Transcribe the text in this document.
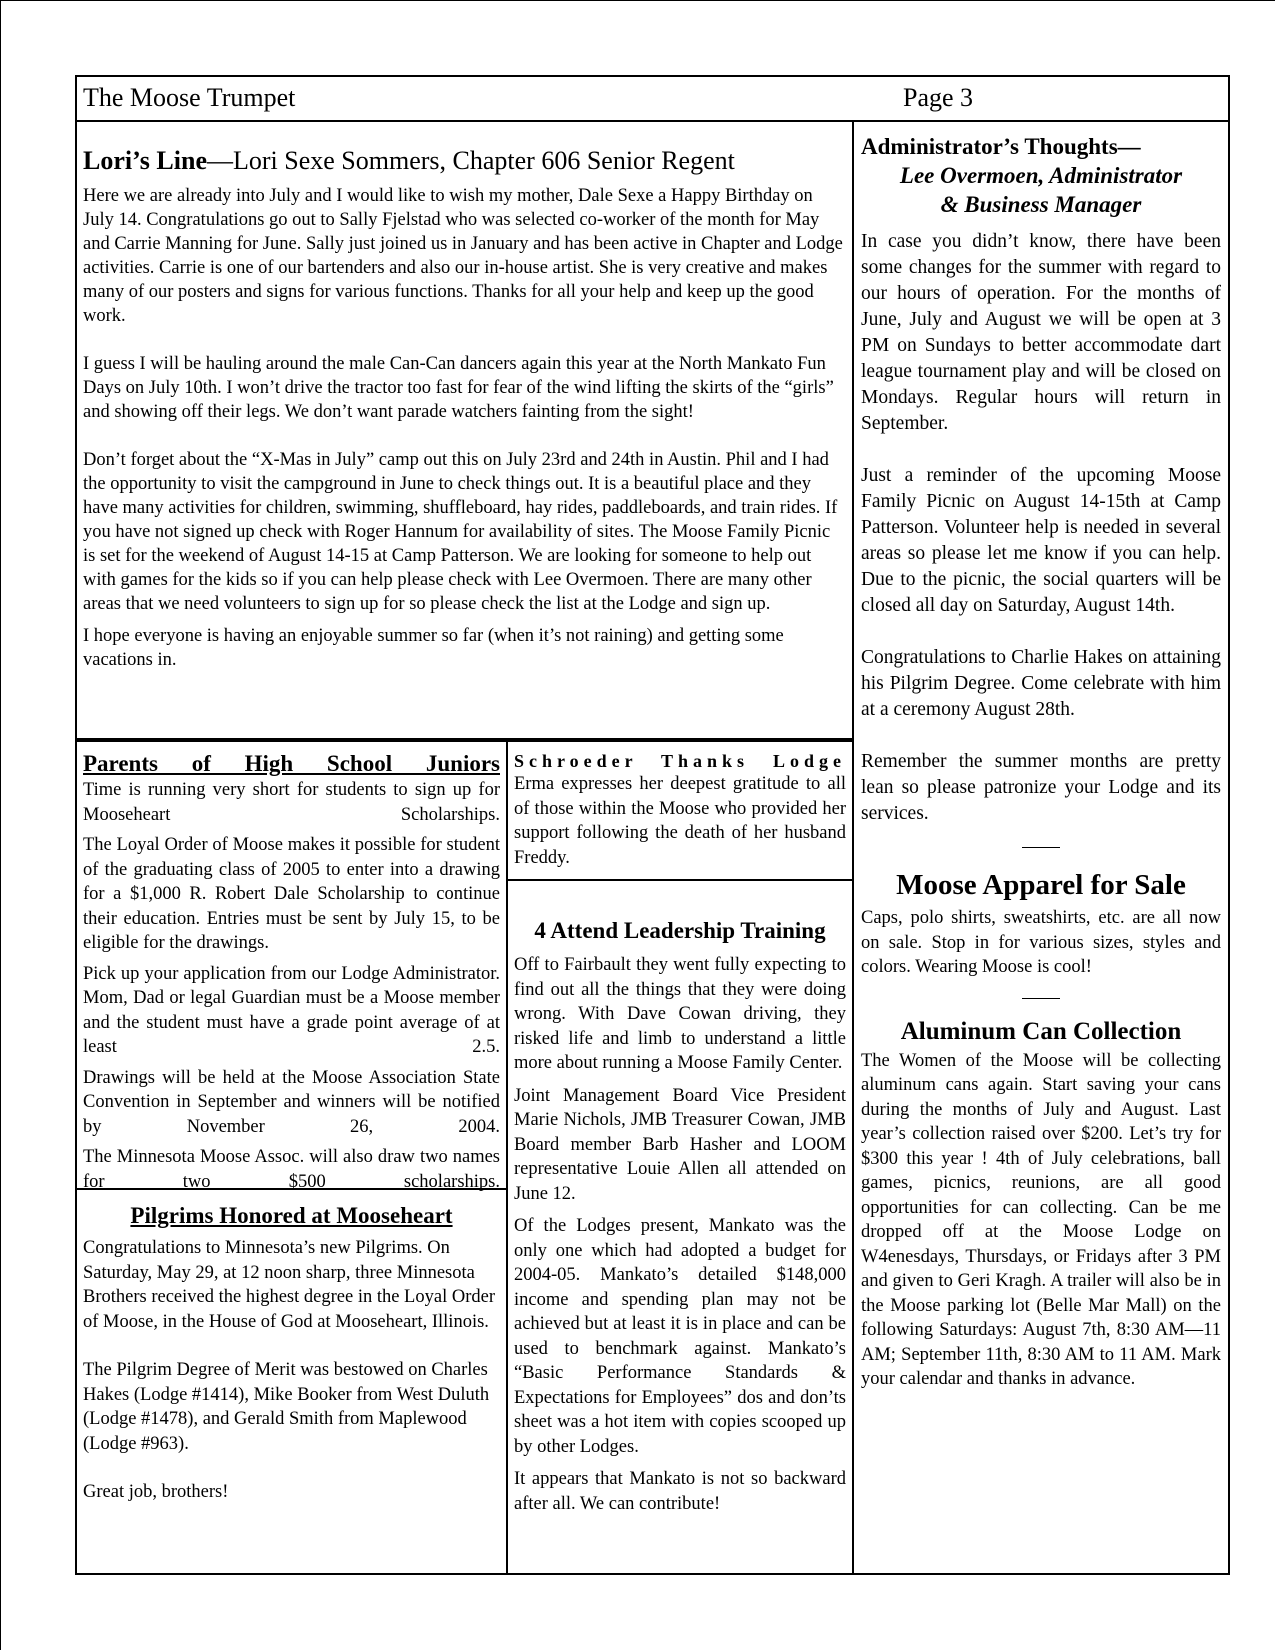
The Moose Trumpet	Page 3
Lori’s Line—Lori Sexe Sommers, Chapter 606 Senior Regent

Here we are already into July and I would like to wish my mother, Dale Sexe a Happy Birthday on July 14. Congratulations go out to Sally Fjelstad who was selected co-worker of the month for May and Carrie Manning for June. Sally just joined us in January and has been active in Chapter and Lodge activities. Carrie is one of our bartenders and also our in-house artist. She is very creative and makes many of our posters and signs for various functions. Thanks for all your help and keep up the good work.

I guess I will be hauling around the male Can-Can dancers again this year at the North Mankato Fun Days on July 10th. I won’t drive the tractor too fast for fear of the wind lifting the skirts of the “girls” and showing off their legs. We don’t want parade watchers fainting from the sight!

Don’t forget about the “X-Mas in July” camp out this on July 23rd and 24th in Austin. Phil and I had the opportunity to visit the campground in June to check things out. It is a beautiful place and they have many activities for children, swimming, shuffleboard, hay rides, paddleboards, and train rides. If you have not signed up check with Roger Hannum for availability of sites. The Moose Family Picnic is set for the weekend of August 14-15 at Camp Patterson. We are looking for someone to help out with games for the kids so if you can help please check with Lee Overmoen. There are many other areas that we need volunteers to sign up for so please check the list at the Lodge and sign up.

I hope everyone is having an enjoyable summer so far (when it’s not raining) and getting some vacations in.

Administrator’s Thoughts—
Lee Overmoen, Administrator
& Business Manager

In case you didn’t know, there have been some changes for the summer with regard to our hours of operation. For the months of June, July and August we will be open at 3 PM on Sundays to better accommodate dart league tournament play and will be closed on Mondays. Regular hours will return in September.

Just a reminder of the upcoming Moose Family Picnic on August 14-15th at Camp Patterson. Volunteer help is needed in several areas so please let me know if you can help. Due to the picnic, the social quarters will be closed all day on Saturday, August 14th.

Congratulations to Charlie Hakes on attaining his Pilgrim Degree. Come celebrate with him at a ceremony August 28th.

Remember the summer months are pretty lean so please patronize your Lodge and its services.

Moose Apparel for Sale
Caps, polo shirts, sweatshirts, etc. are all now on sale. Stop in for various sizes, styles and colors. Wearing Moose is cool!
Aluminum Can Collection
The Women of the Moose will be collecting aluminum cans again. Start saving your cans during the months of July and August. Last year’s collection raised over $200. Let’s try for $300 this year ! 4th of July celebrations, ball games, picnics, reunions, are all good opportunities for can collecting. Can be me dropped off at the Moose Lodge on W4enesdays, Thursdays, or Fridays after 3 PM and given to Geri Kragh. A trailer will also be in the Moose parking lot (Belle Mar Mall) on the following Saturdays: August 7th, 8:30 AM—11 AM; September 11th, 8:30 AM to 11 AM. Mark your calendar and thanks in advance.
Parents of High School Juniors

Time is running very short for students to sign up for Mooseheart Scholarships.

The Loyal Order of Moose makes it possible for student of the graduating class of 2005 to enter into a drawing for a $1,000 R. Robert Dale Scholarship to continue their education. Entries must be sent by July 15, to be eligible for the drawings.

Pick up your application from our Lodge Administrator. Mom, Dad or legal Guardian must be a Moose member and the student must have a grade point average of at least 2.5.

Drawings will be held at the Moose Association State Convention in September and winners will be notified by November 26, 2004.

The Minnesota Moose Assoc. will also draw two names for two $500 scholarships.

Pilgrims Honored at Mooseheart

Congratulations to Minnesota’s new Pilgrims. On Saturday, May 29, at 12 noon sharp, three Minnesota Brothers received the highest degree in the Loyal Order of Moose, in the House of God at Mooseheart, Illinois.

The Pilgrim Degree of Merit was bestowed on Charles Hakes (Lodge #1414), Mike Booker from West Duluth (Lodge #1478), and Gerald Smith from Maplewood (Lodge #963).

Great job, brothers!

Schroeder Thanks Lodge
Erma expresses her deepest gratitude to all of those within the Moose who provided her support following the death of her husband Freddy.
4 Attend Leadership Training

Off to Fairbault they went fully expecting to find out all the things that they were doing wrong. With Dave Cowan driving, they risked life and limb to understand a little more about running a Moose Family Center.

Joint Management Board Vice President Marie Nichols, JMB Treasurer Cowan, JMB Board member Barb Hasher and LOOM representative Louie Allen all attended on June 12.

Of the Lodges present, Mankato was the only one which had adopted a budget for 2004-05. Mankato’s detailed $148,000 income and spending plan may not be achieved but at least it is in place and can be used to benchmark against. Mankato’s “Basic Performance Standards & Expectations for Employees” dos and don’ts sheet was a hot item with copies scooped up by other Lodges.

It appears that Mankato is not so backward after all. We can contribute!
